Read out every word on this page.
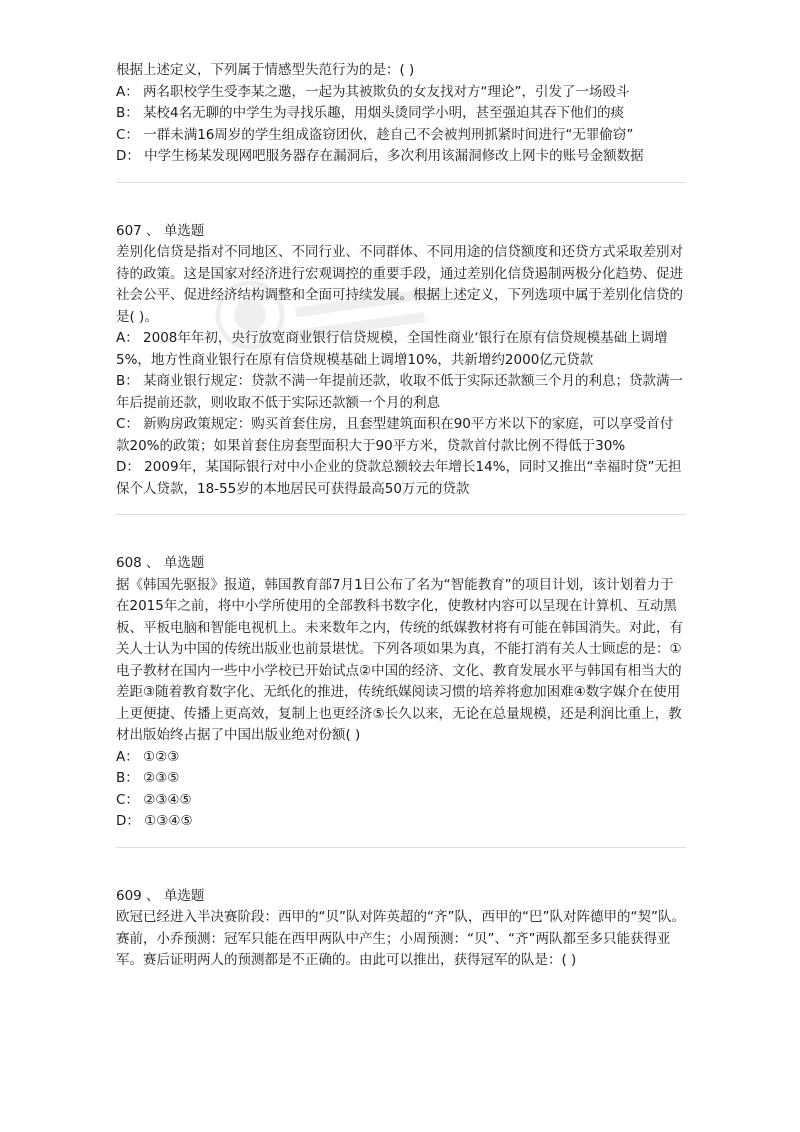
根据上述定义，下列属于情感型失范行为的是：( )

A： 两名职校学生受李某之邀，一起为其被欺负的女友找对方“理论”，引发了一场殴斗

B： 某校4名无聊的中学生为寻找乐趣，用烟头烫同学小明，甚至强迫其吞下他们的痰

C： 一群未满16周岁的学生组成盗窃团伙，趁自己不会被判刑抓紧时间进行“无罪偷窃”

D： 中学生杨某发现网吧服务器存在漏洞后，多次利用该漏洞修改上网卡的账号金额数据

607 、 单选题

差别化信贷是指对不同地区、不同行业、不同群体、不同用途的信贷额度和还贷方式采取差别对待的政策。这是国家对经济进行宏观调控的重要手段，通过差别化信贷遏制两极分化趋势、促进社会公平、促进经济结构调整和全面可持续发展。根据上述定义，下列选项中属于差别化信贷的是( )。

A： 2008年年初，央行放宽商业银行信贷规模，全国性商业‘银行在原有信贷规模基础上调增5%，地方性商业银行在原有信贷规模基础上调增10%，共新增约2000亿元贷款

B： 某商业银行规定：贷款不满一年提前还款，收取不低于实际还款额三个月的利息；贷款满一年后提前还款，则收取不低于实际还款额一个月的利息

C： 新购房政策规定：购买首套住房，且套型建筑面积在90平方米以下的家庭，可以享受首付款20%的政策；如果首套住房套型面积大于90平方米，贷款首付款比例不得低于30%

D： 2009年，某国际银行对中小企业的贷款总额较去年增长14%，同时又推出“幸福时贷”无担保个人贷款，18-55岁的本地居民可获得最高50万元的贷款

608 、 单选题

据《韩国先驱报》报道，韩国教育部7月1日公布了名为“智能教育”的项目计划，该计划着力于在2015年之前，将中小学所使用的全部教科书数字化，使教材内容可以呈现在计算机、互动黑板、平板电脑和智能电视机上。未来数年之内，传统的纸媒教材将有可能在韩国消失。对此，有关人士认为中国的传统出版业也前景堪忧。下列各项如果为真，不能打消有关人士顾虑的是：①电子教材在国内一些中小学校已开始试点②中国的经济、文化、教育发展水平与韩国有相当大的差距③随着教育数字化、无纸化的推进，传统纸媒阅读习惯的培养将愈加困难④数字媒介在使用上更便捷、传播上更高效，复制上也更经济⑤长久以来，无论在总量规模，还是利润比重上，教材出版始终占据了中国出版业绝对份额( )

A： ①②③

B： ②③⑤

C： ②③④⑤

D： ①③④⑤

609 、 单选题

欧冠已经进入半决赛阶段：西甲的“贝”队对阵英超的“齐”队，西甲的“巴”队对阵德甲的“契”队。赛前，小乔预测：冠军只能在西甲两队中产生；小周预测：“贝”、“齐”两队都至多只能获得亚军。赛后证明两人的预测都是不正确的。由此可以推出，获得冠军的队是：( )
